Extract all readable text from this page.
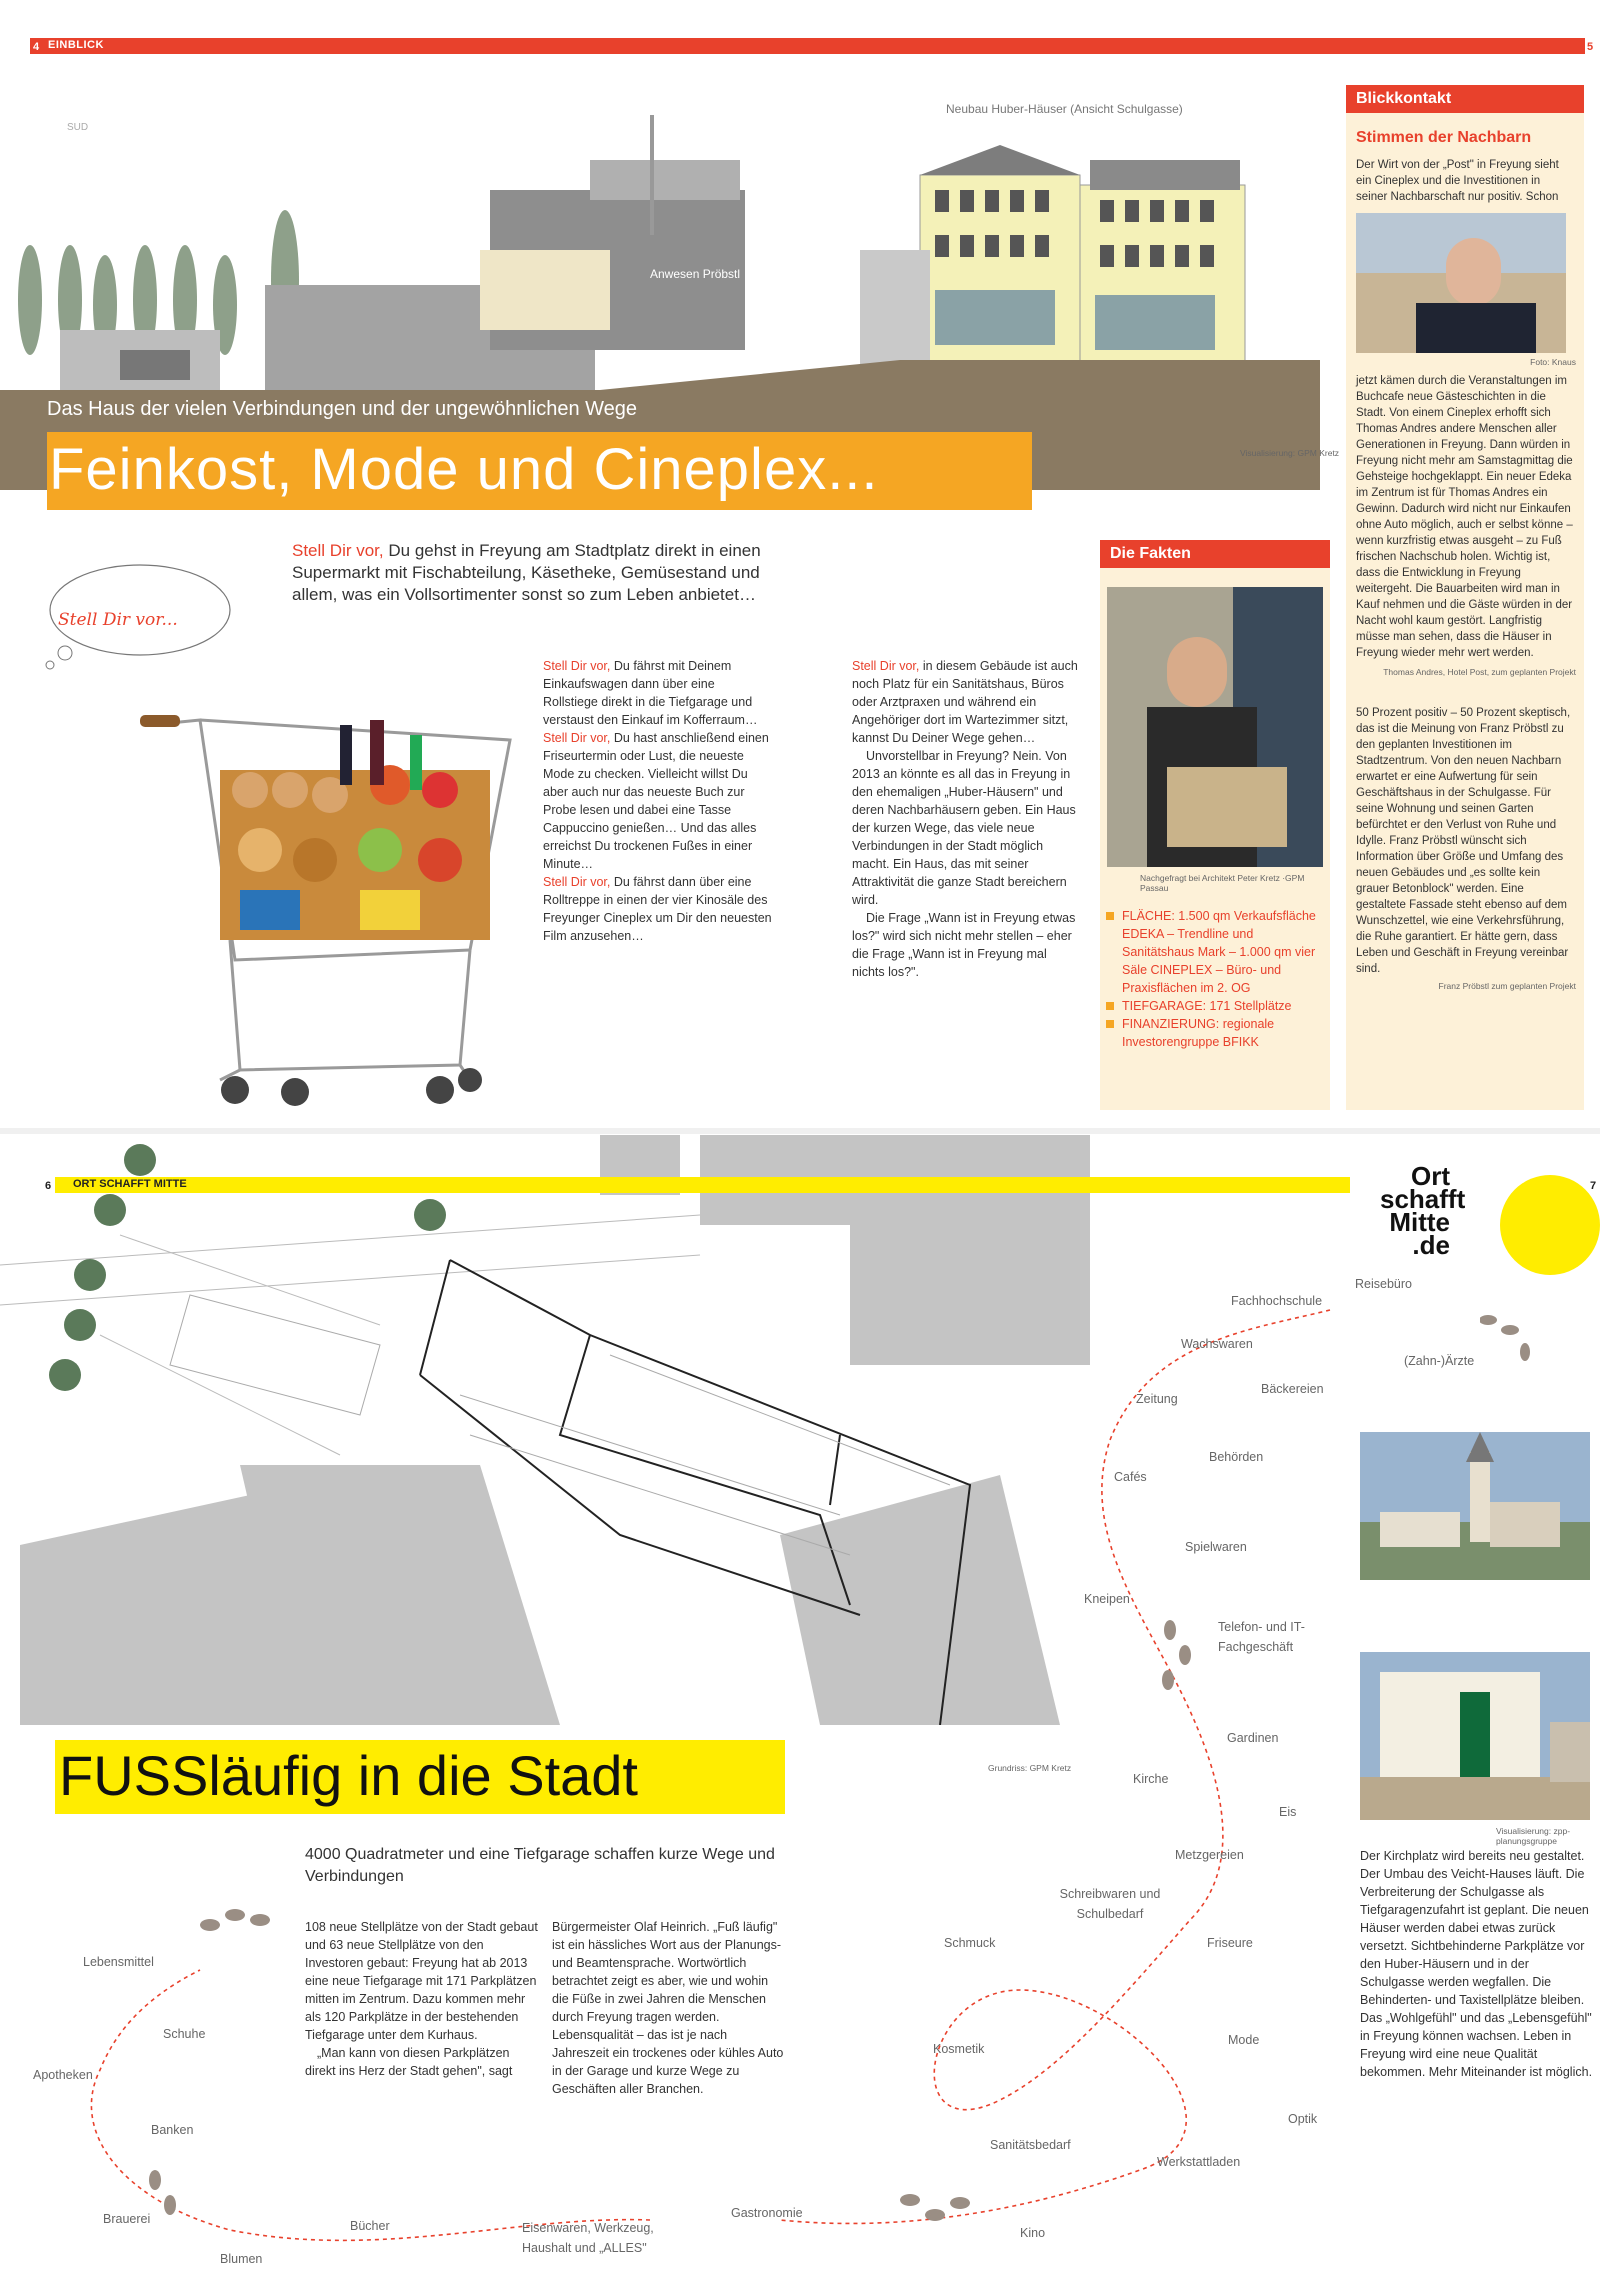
EINBLICK
4	5
SUD
Neubau Huber-Häuser (Ansicht Schulgasse)
Anwesen Pröbstl
Visualisierung: GPM Kretz
Das Haus der vielen Verbindungen und der ungewöhnlichen Wege
Feinkost, Mode und Cineplex...
Stell Dir vor...
Stell Dir vor, Du gehst in Freyung am Stadtplatz direkt in einen Supermarkt mit Fischabteilung, Käsetheke, Gemüsestand und allem, was ein Vollsortimenter sonst so zum Leben anbietet…

Stell Dir vor, Du fährst mit Deinem Einkaufswagen dann über eine Rollstiege direkt in die Tiefgarage und verstaust den Einkauf im Kofferraum…

Stell Dir vor, Du hast anschließend einen Friseurtermin oder Lust, die neueste Mode zu checken. Vielleicht willst Du aber auch nur das neueste Buch zur Probe lesen und dabei eine Tasse Cappuccino genießen… Und das alles erreichst Du trockenen Fußes in einer Minute…

Stell Dir vor, Du fährst dann über eine Rolltreppe in einen der vier Kinosäle des Freyunger Cineplex um Dir den neuesten Film anzusehen…

Stell Dir vor, in diesem Gebäude ist auch noch Platz für ein Sanitätshaus, Büros oder Arztpraxen und während ein Angehöriger dort im Wartezimmer sitzt, kannst Du Deiner Wege gehen…

Unvorstellbar in Freyung? Nein. Von 2013 an könnte es all das in Freyung in den ehemaligen „Huber-Häusern" und deren Nachbarhäusern geben. Ein Haus der kurzen Wege, das viele neue Verbindungen in der Stadt möglich macht. Ein Haus, das mit seiner Attraktivität die ganze Stadt bereichern wird.

Die Frage „Wann ist in Freyung etwas los?" wird sich nicht mehr stellen – eher die Frage „Wann ist in Freyung mal nichts los?".

Die Fakten
Nachgefragt bei Architekt Peter Kretz ·GPM Passau
FLÄCHE: 1.500 qm Verkaufsfläche EDEKA – Trendline und Sanitätshaus Mark – 1.000 qm vier Säle CINEPLEX – Büro- und Praxisflächen im 2. OG
TIEFGARAGE: 171 Stellplätze
FINANZIERUNG: regionale Investorengruppe BFIKK
Blickkontakt
Stimmen der Nachbarn
Der Wirt von der „Post" in Freyung sieht ein Cineplex und die Investitionen in seiner Nachbarschaft nur positiv. Schon
Foto: Knaus
jetzt kämen durch die Veranstaltungen im Buchcafe neue Gästeschichten in die Stadt. Von einem Cineplex erhofft sich Thomas Andres andere Menschen aller Generationen in Freyung. Dann würden in Freyung nicht mehr am Samstagmittag die Gehsteige hochgeklappt. Ein neuer Edeka im Zentrum ist für Thomas Andres ein Gewinn. Dadurch wird nicht nur Einkaufen ohne Auto möglich, auch er selbst könne – wenn kurzfristig etwas ausgeht – zu Fuß frischen Nachschub holen. Wichtig ist, dass die Entwicklung in Freyung weitergeht. Die Bauarbeiten wird man in Kauf nehmen und die Gäste würden in der Nacht wohl kaum gestört. Langfristig müsse man sehen, dass die Häuser in Freyung wieder mehr wert werden.
Thomas Andres, Hotel Post, zum geplanten Projekt
50 Prozent positiv – 50 Prozent skeptisch, das ist die Meinung von Franz Pröbstl zu den geplanten Investitionen im Stadtzentrum. Von den neuen Nachbarn erwartet er eine Aufwertung für sein Geschäftshaus in der Schulgasse. Für seine Wohnung und seinen Garten befürchtet er den Verlust von Ruhe und Idylle. Franz Pröbstl wünscht sich Information über Größe und Umfang des neuen Gebäudes und „es sollte kein grauer Betonblock" werden. Eine gestaltete Fassade steht ebenso auf dem Wunschzettel, wie eine Verkehrsführung, die Ruhe garantiert. Er hätte gern, dass Leben und Geschäft in Freyung vereinbar sind.
Franz Pröbstl zum geplanten Projekt
ORT SCHAFFT MITTE
6	7
Ort
schafft
Mitte
.de
Grundriss: GPM Kretz
FUSSläufig in die Stadt
4000 Quadratmeter und eine Tiefgarage schaffen kurze Wege und Verbindungen

108 neue Stellplätze von der Stadt gebaut und 63 neue Stellplätze von den Investoren gebaut: Freyung hat ab 2013 eine neue Tiefgarage mit 171 Parkplätzen mitten im Zentrum. Dazu kommen mehr als 120 Parkplätze in der bestehenden Tiefgarage unter dem Kurhaus.

„Man kann von diesen Parkplätzen direkt ins Herz der Stadt gehen", sagt

Bürgermeister Olaf Heinrich. „Fuß läufig" ist ein hässliches Wort aus der Planungs- und Beamtensprache. Wortwörtlich betrachtet zeigt es aber, wie und wohin die Füße in zwei Jahren die Menschen durch Freyung tragen werden. Lebensqualität – das ist je nach Jahreszeit ein trockenes oder kühles Auto in der Garage und kurze Wege zu Geschäften aller Branchen.
Visualisierung: zpp-planungsgruppe
Der Kirchplatz wird bereits neu gestaltet. Der Umbau des Veicht-Hauses läuft. Die Verbreiterung der Schulgasse als Tiefgaragenzufahrt ist geplant. Die neuen Häuser werden dabei etwas zurück versetzt. Sichtbehinderne Parkplätze vor den Huber-Häusern und in der Schulgasse werden wegfallen. Die Behinderten- und Taxistellplätze bleiben. Das „Wohlgefühl" und das „Lebensgefühl" in Freyung können wachsen. Leben in Freyung wird eine neue Qualität bekommen. Mehr Miteinander ist möglich.
Reisebüro
Fachhochschule
Wachswaren
(Zahn-)Ärzte
Bäckereien
Zeitung
Behörden
Cafés
Spielwaren
Kneipen
Telefon- und IT-Fachgeschäft
Gardinen
Kirche
Eis
Metzgereien
Schreibwaren und Schulbedarf
Schmuck	Friseure
Kosmetik
Mode
Optik
Sanitätsbedarf
Werkstattladen
Kino
Gastronomie
Eisenwaren, Werkzeug, Haushalt und „ALLES"
Bücher
Blumen
Brauerei
Banken
Apotheken
Schuhe
Lebensmittel
